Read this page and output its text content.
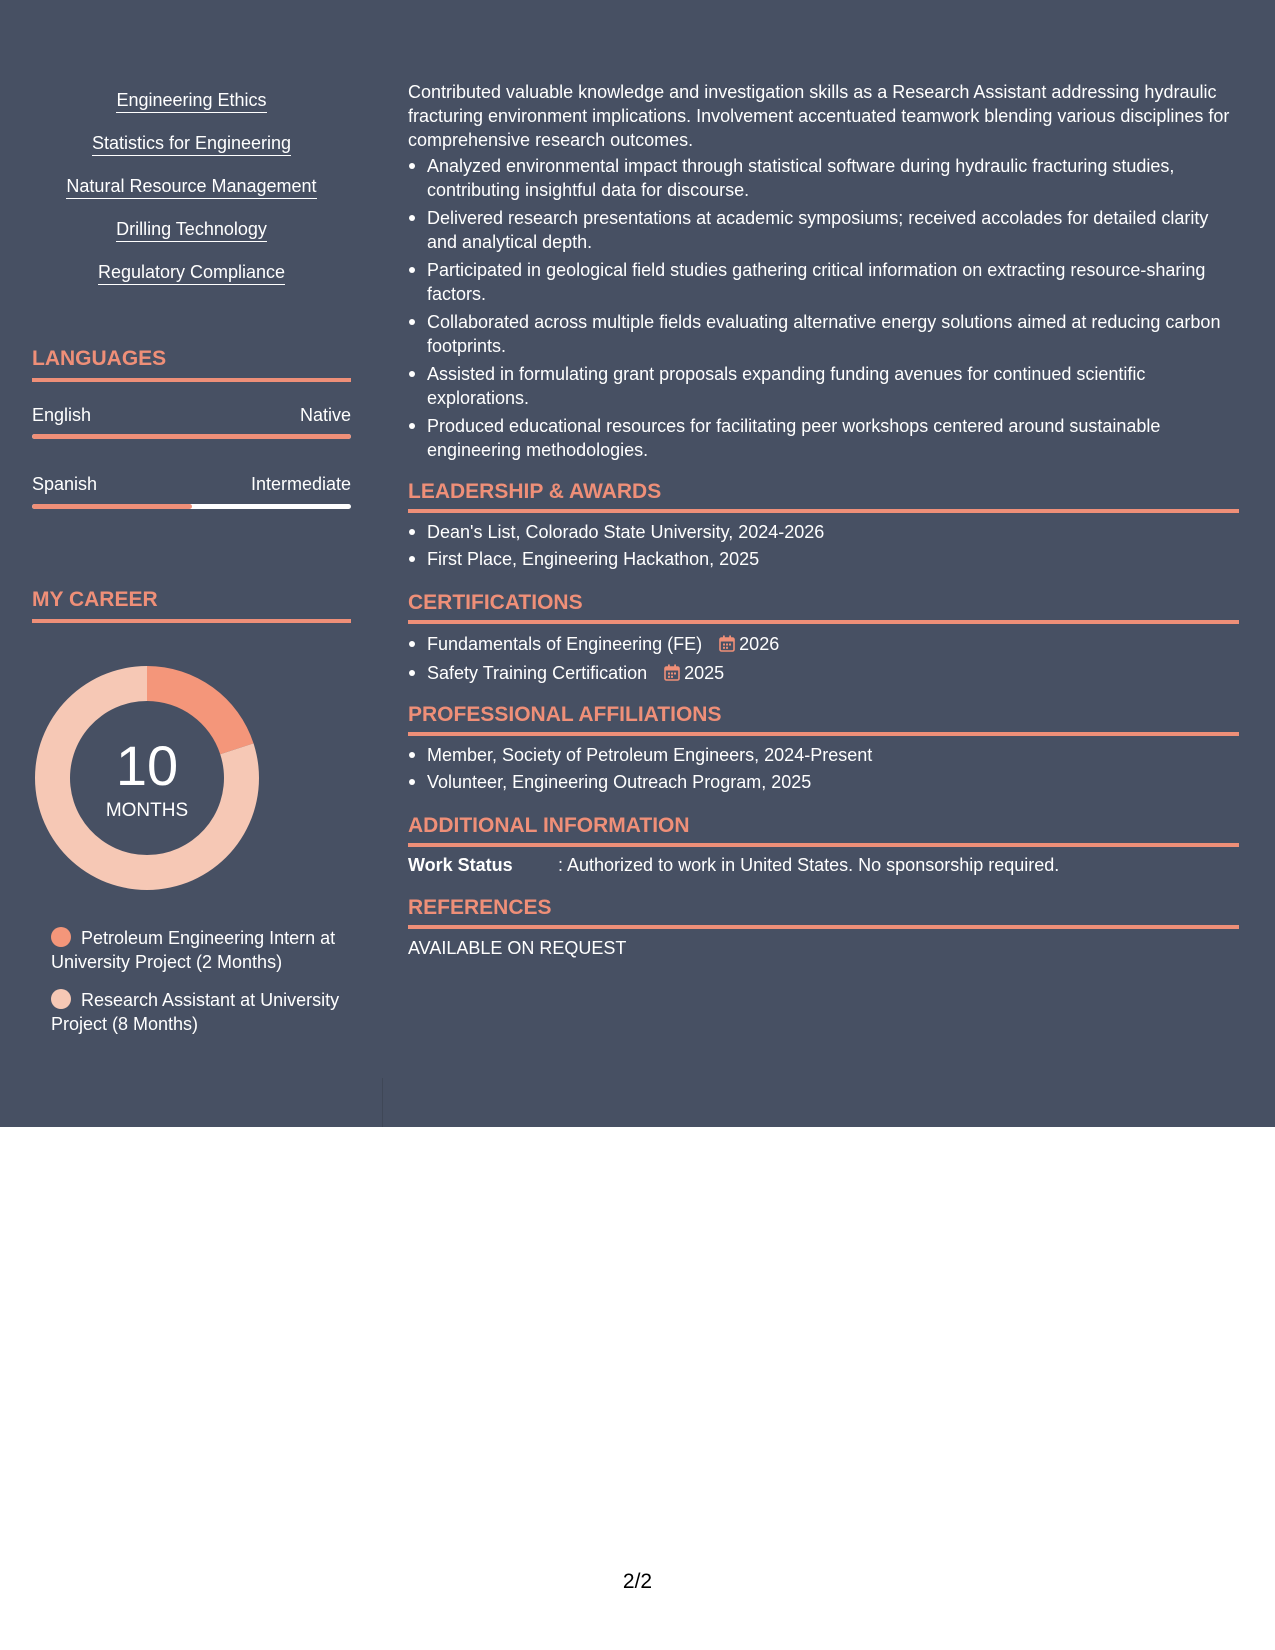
Engineering Ethics
Statistics for Engineering
Natural Resource Management
Drilling Technology
Regulatory Compliance
LANGUAGES
English	Native
Spanish	Intermediate
MY CAREER
10
MONTHS
Petroleum Engineering Intern at University Project (2 Months)
Research Assistant at University Project (8 Months)
Contributed valuable knowledge and investigation skills as a Research Assistant addressing hydraulic fracturing environment implications. Involvement accentuated teamwork blending various disciplines for comprehensive research outcomes.
Analyzed environmental impact through statistical software during hydraulic fracturing studies, contributing insightful data for discourse.
Delivered research presentations at academic symposiums; received accolades for detailed clarity and analytical depth.
Participated in geological field studies gathering critical information on extracting resource-sharing factors.
Collaborated across multiple fields evaluating alternative energy solutions aimed at reducing carbon footprints.
Assisted in formulating grant proposals expanding funding avenues for continued scientific explorations.
Produced educational resources for facilitating peer workshops centered around sustainable engineering methodologies.
LEADERSHIP & AWARDS
Dean's List, Colorado State University, 2024-2026
First Place, Engineering Hackathon, 2025
CERTIFICATIONS
Fundamentals of Engineering (FE) 2026
Safety Training Certification 2025
PROFESSIONAL AFFILIATIONS
Member, Society of Petroleum Engineers, 2024-Present
Volunteer, Engineering Outreach Program, 2025
ADDITIONAL INFORMATION
Work Status	: Authorized to work in United States. No sponsorship required.
REFERENCES
AVAILABLE ON REQUEST
2/2
